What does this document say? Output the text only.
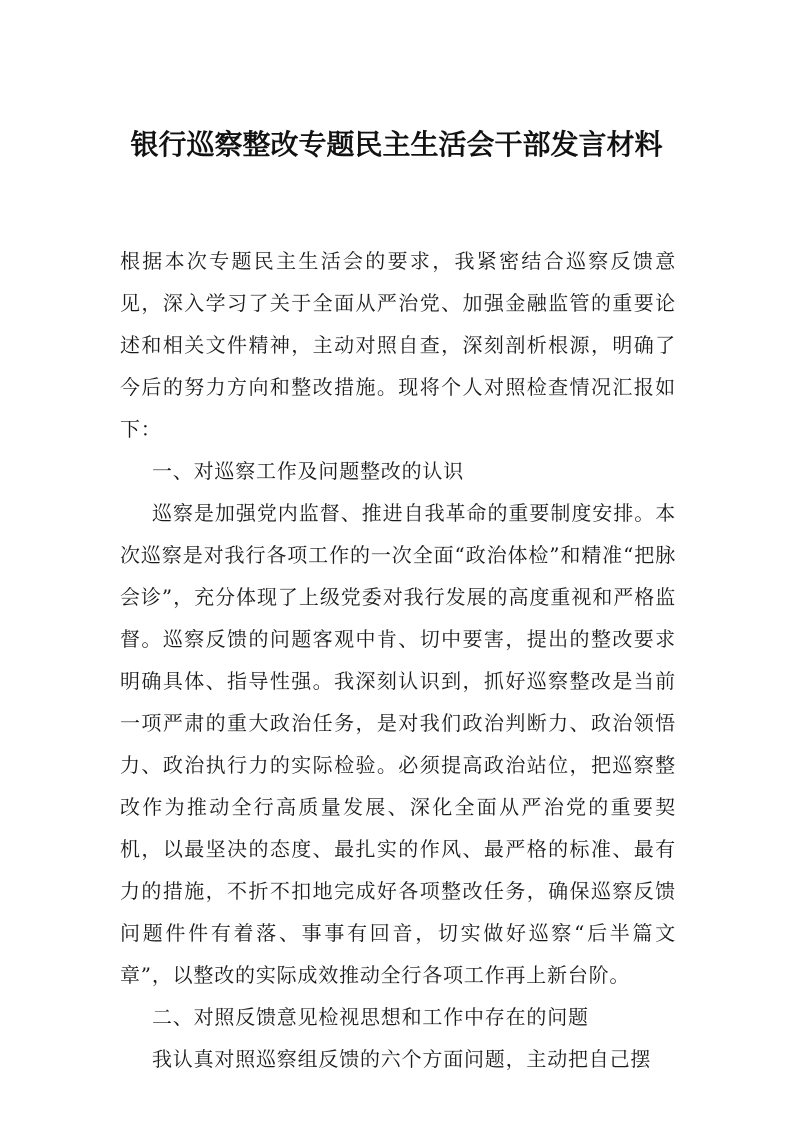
银行巡察整改专题民主生活会干部发言材料

根据本次专题民主生活会的要求，我紧密结合巡察反馈意见，深入学习了关于全面从严治党、加强金融监管的重要论述和相关文件精神，主动对照自查，深刻剖析根源，明确了今后的努力方向和整改措施。现将个人对照检查情况汇报如下：

一、对巡察工作及问题整改的认识

巡察是加强党内监督、推进自我革命的重要制度安排。本次巡察是对我行各项工作的一次全面“政治体检”和精准“把脉会诊”，充分体现了上级党委对我行发展的高度重视和严格监督。巡察反馈的问题客观中肯、切中要害，提出的整改要求明确具体、指导性强。我深刻认识到，抓好巡察整改是当前一项严肃的重大政治任务，是对我们政治判断力、政治领悟力、政治执行力的实际检验。必须提高政治站位，把巡察整改作为推动全行高质量发展、深化全面从严治党的重要契机，以最坚决的态度、最扎实的作风、最严格的标准、最有力的措施，不折不扣地完成好各项整改任务，确保巡察反馈问题件件有着落、事事有回音，切实做好巡察“后半篇文章”，以整改的实际成效推动全行各项工作再上新台阶。

二、对照反馈意见检视思想和工作中存在的问题

我认真对照巡察组反馈的六个方面问题，主动把自己摆
